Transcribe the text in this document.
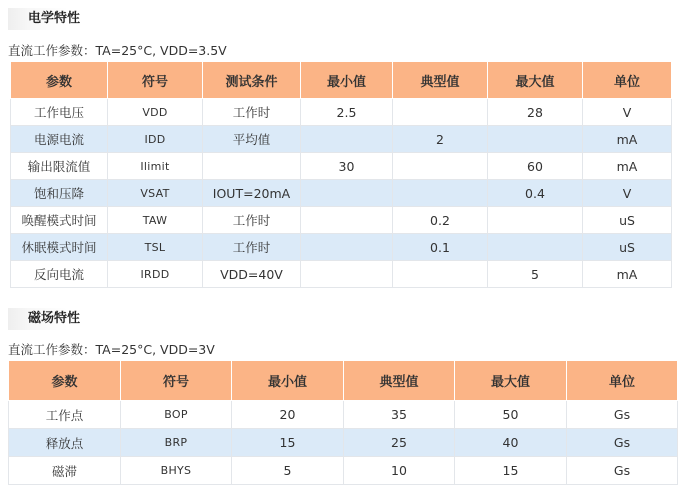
电学特性
直流工作参数：TA=25°C, VDD=3.5V
参数	符号	测试条件	最小值	典型值	最大值	单位
工作电压	VDD	工作时	2.5		28	V
电源电流	IDD	平均值		2		mA
输出限流值	Ilimit		30		60	mA
饱和压降	VSAT	IOUT=20mA			0.4	V
唤醒模式时间	TAW	工作时		0.2		uS
休眠模式时间	TSL	工作时		0.1		uS
反向电流	IRDD	VDD=40V			5	mA
磁场特性
直流工作参数：TA=25°C, VDD=3V
参数	符号	最小值	典型值	最大值	单位
工作点	BOP	20	35	50	Gs
释放点	BRP	15	25	40	Gs
磁滞	BHYS	5	10	15	Gs
